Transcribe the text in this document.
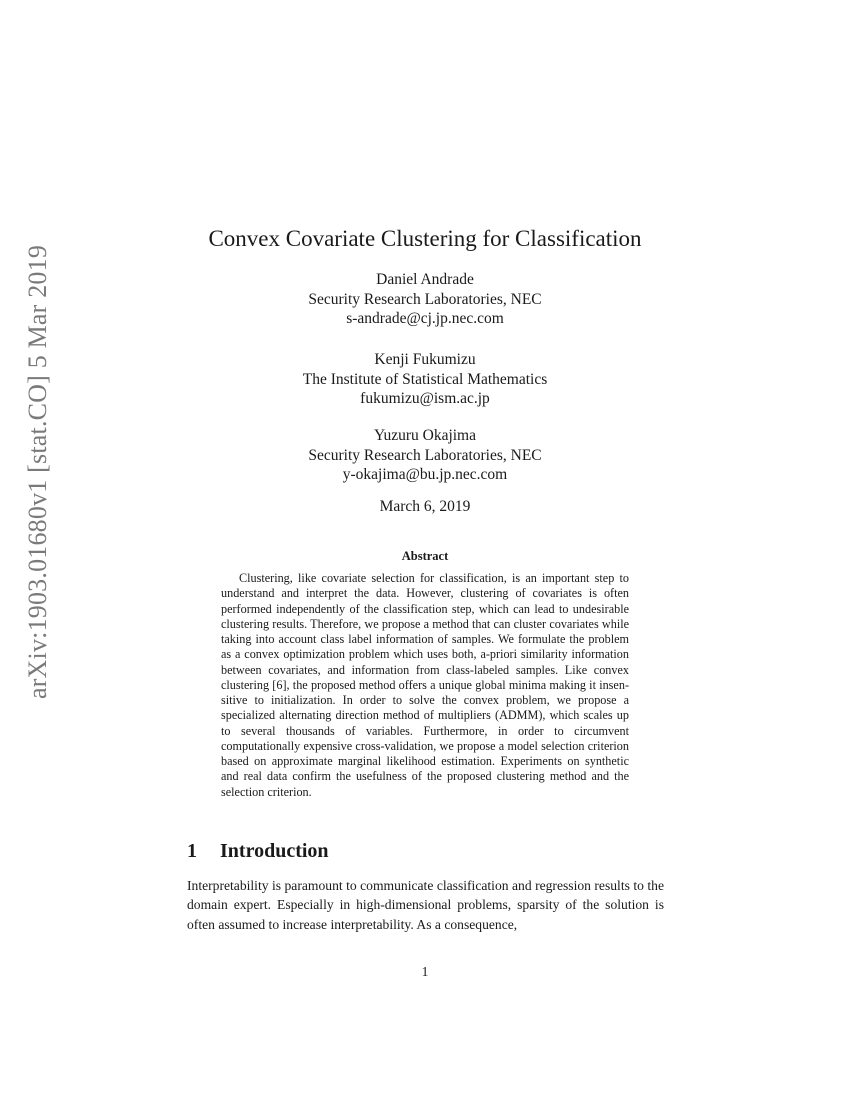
arXiv:1903.01680v1 [stat.CO] 5 Mar 2019
Convex Covariate Clustering for Classification
Daniel Andrade
Security Research Laboratories, NEC
s-andrade@cj.jp.nec.com
Kenji Fukumizu
The Institute of Statistical Mathematics
fukumizu@ism.ac.jp
Yuzuru Okajima
Security Research Laboratories, NEC
y-okajima@bu.jp.nec.com
March 6, 2019
Abstract
Clustering, like covariate selection for classification, is an important step to understand and interpret the data. However, clustering of covariates is often performed independently of the classification step, which can lead to undesirable clustering results. Therefore, we propose a method that can cluster covariates while taking into account class label information of samples. We formulate the problem as a convex optimization problem which uses both, a-priori similarity information between covariates, and information from class-labeled samples. Like convex clustering [6], the proposed method offers a unique global minima making it insensitive to initialization. In order to solve the convex problem, we propose a specialized alternating direction method of multipliers (ADMM), which scales up to several thousands of variables. Furthermore, in order to circumvent computationally expensive cross-validation, we propose a model selection criterion based on approximate marginal likelihood estimation. Experiments on synthetic and real data confirm the usefulness of the proposed clustering method and the selection criterion.
1 Introduction
Interpretability is paramount to communicate classification and regression results to the domain expert. Especially in high-dimensional problems, sparsity of the solution is often assumed to increase interpretability. As a consequence,
1
